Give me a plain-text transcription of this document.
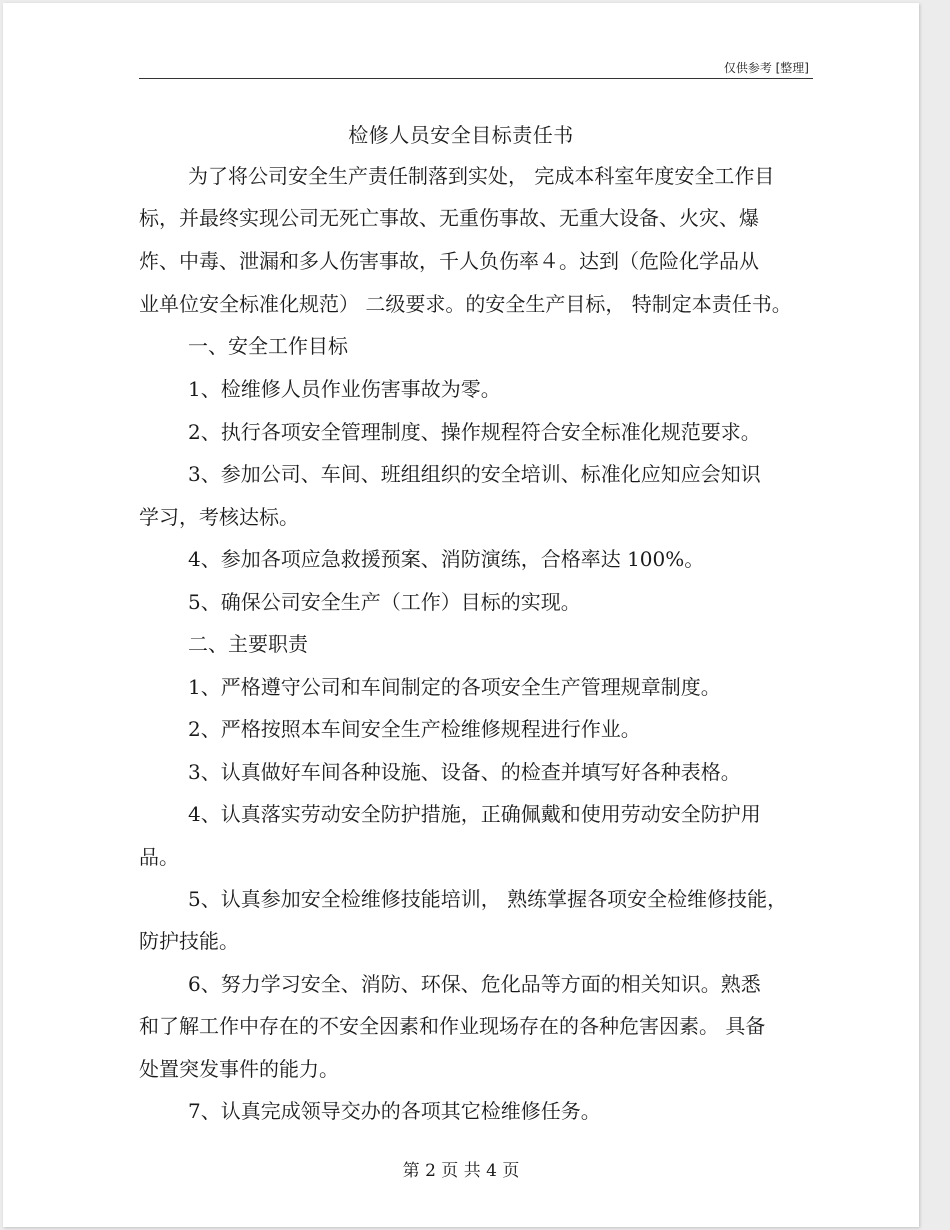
仅供参考 [整理]
检修人员安全目标责任书
为了将公司安全生产责任制落到实处， 完成本科室年度安全工作目
标，并最终实现公司无死亡事故、无重伤事故、无重大设备、火灾、爆
炸、中毒、泄漏和多人伤害事故，千人负伤率４。达到（危险化学品从
业单位安全标准化规范） 二级要求。的安全生产目标， 特制定本责任书。
一、安全工作目标
1、检维修人员作业伤害事故为零。
2、执行各项安全管理制度、操作规程符合安全标准化规范要求。
3、参加公司、车间、班组组织的安全培训、标准化应知应会知识
学习，考核达标。
4、参加各项应急救援预案、消防演练，合格率达 100%。
5、确保公司安全生产（工作）目标的实现。
二、主要职责
1、严格遵守公司和车间制定的各项安全生产管理规章制度。
2、严格按照本车间安全生产检维修规程进行作业。
3、认真做好车间各种设施、设备、的检查并填写好各种表格。
4、认真落实劳动安全防护措施，正确佩戴和使用劳动安全防护用
品。
5、认真参加安全检维修技能培训， 熟练掌握各项安全检维修技能，
防护技能。
6、努力学习安全、消防、环保、危化品等方面的相关知识。熟悉
和了解工作中存在的不安全因素和作业现场存在的各种危害因素。 具备
处置突发事件的能力。
7、认真完成领导交办的各项其它检维修任务。
第 2 页 共 4 页
